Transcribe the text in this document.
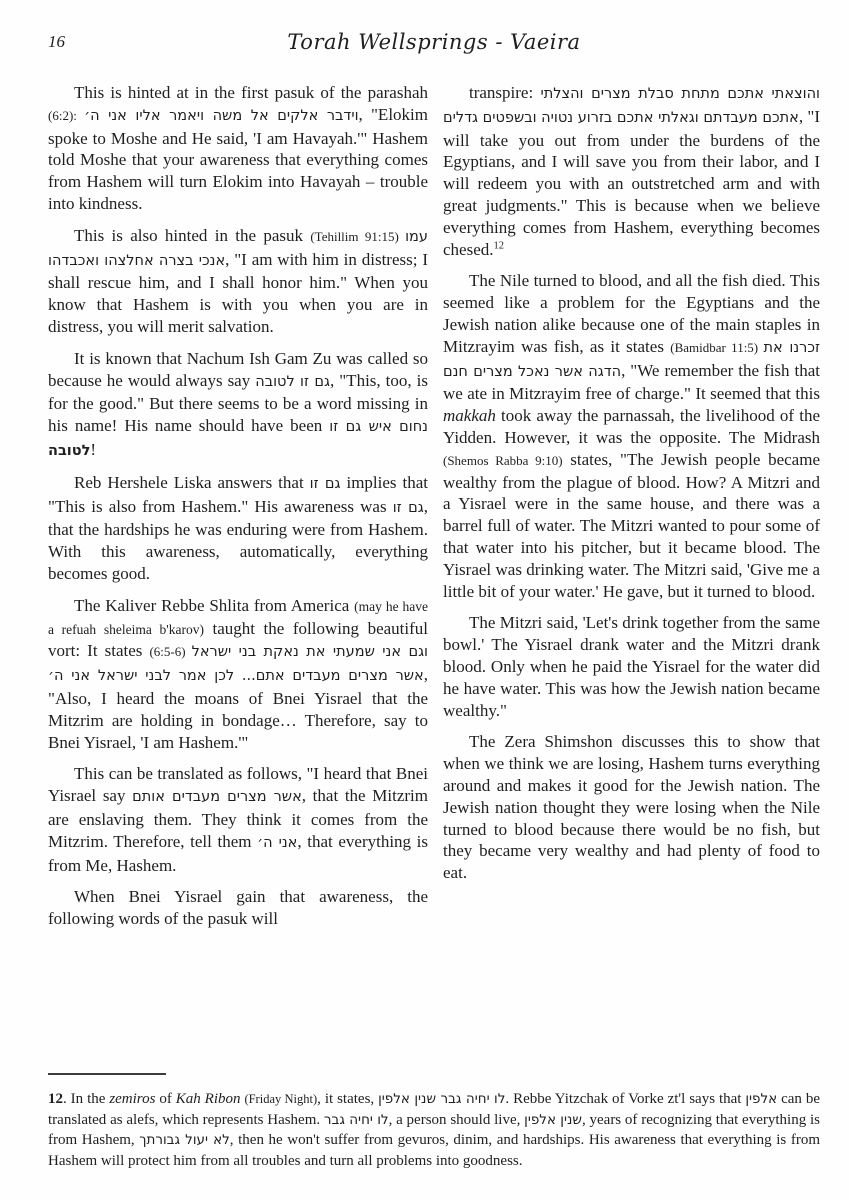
16	Torah Wellsprings - Vaeira

This is hinted at in the first pasuk of the parashah (6:2): וידבר אלקים אל משה ויאמר אליו אני ה׳, "Elokim spoke to Moshe and He said, 'I am Havayah.'" Hashem told Moshe that your awareness that everything comes from Hashem will turn Elokim into Havayah – trouble into kindness.

This is also hinted in the pasuk (Tehillim 91:15) עמו אנכי בצרה אחלצהו ואכבדהו, "I am with him in distress; I shall rescue him, and I shall honor him." When you know that Hashem is with you when you are in distress, you will merit salvation.

It is known that Nachum Ish Gam Zu was called so because he would always say גם זו לטובה, "This, too, is for the good." But there seems to be a word missing in his name! His name should have been נחום איש גם זו לטובה!

Reb Hershele Liska answers that גם זו implies that "This is also from Hashem." His awareness was גם זו, that the hardships he was enduring were from Hashem. With this awareness, automatically, everything becomes good.

The Kaliver Rebbe Shlita from America (may he have a refuah sheleima b'karov) taught the following beautiful vort: It states (6:5-6) וגם אני שמעתי את נאקת בני ישראל אשר מצרים מעבדים אתם... לכן אמר לבני ישראל אני ה׳, "Also, I heard the moans of Bnei Yisrael that the Mitzrim are holding in bondage… Therefore, say to Bnei Yisrael, 'I am Hashem.'"

This can be translated as follows, "I heard that Bnei Yisrael say אשר מצרים מעבדים אותם, that the Mitzrim are enslaving them. They think it comes from the Mitzrim. Therefore, tell them אני ה׳, that everything is from Me, Hashem.

When Bnei Yisrael gain that awareness, the following words of the pasuk will

transpire: והוצאתי אתכם מתחת סבלת מצרים והצלתי אתכם מעבדתם וגאלתי אתכם בזרוע נטויה ובשפטים גדלים, "I will take you out from under the burdens of the Egyptians, and I will save you from their labor, and I will redeem you with an outstretched arm and with great judgments." This is because when we believe everything comes from Hashem, everything becomes chesed.$^{12}$

The Nile turned to blood, and all the fish died. This seemed like a problem for the Egyptians and the Jewish nation alike because one of the main staples in Mitzrayim was fish, as it states (Bamidbar 11:5) זכרנו את הדגה אשר נאכל מצרים חנם, "We remember the fish that we ate in Mitzrayim free of charge." It seemed that this makkah took away the parnassah, the livelihood of the Yidden. However, it was the opposite. The Midrash (Shemos Rabba 9:10) states, "The Jewish people became wealthy from the plague of blood. How? A Mitzri and a Yisrael were in the same house, and there was a barrel full of water. The Mitzri wanted to pour some of that water into his pitcher, but it became blood. The Yisrael was drinking water. The Mitzri said, 'Give me a little bit of your water.' He gave, but it turned to blood.

The Mitzri said, 'Let's drink together from the same bowl.' The Yisrael drank water and the Mitzri drank blood. Only when he paid the Yisrael for the water did he have water. This was how the Jewish nation became wealthy."

The Zera Shimshon discusses this to show that when we think we are losing, Hashem turns everything around and makes it good for the Jewish nation. The Jewish nation thought they were losing when the Nile turned to blood because there would be no fish, but they became very wealthy and had plenty of food to eat.

12. In the zemiros of Kah Ribon (Friday Night), it states, לו יחיה גבר שנין אלפין. Rebbe Yitzchak of Vorke zt'l says that אלפין can be translated as alefs, which represents Hashem. לו יחיה גבר, a person should live, שנין אלפין, years of recognizing that everything is from Hashem, לא יעול גבורתך, then he won't suffer from gevuros, dinim, and hardships. His awareness that everything is from Hashem will protect him from all troubles and turn all problems into goodness.
